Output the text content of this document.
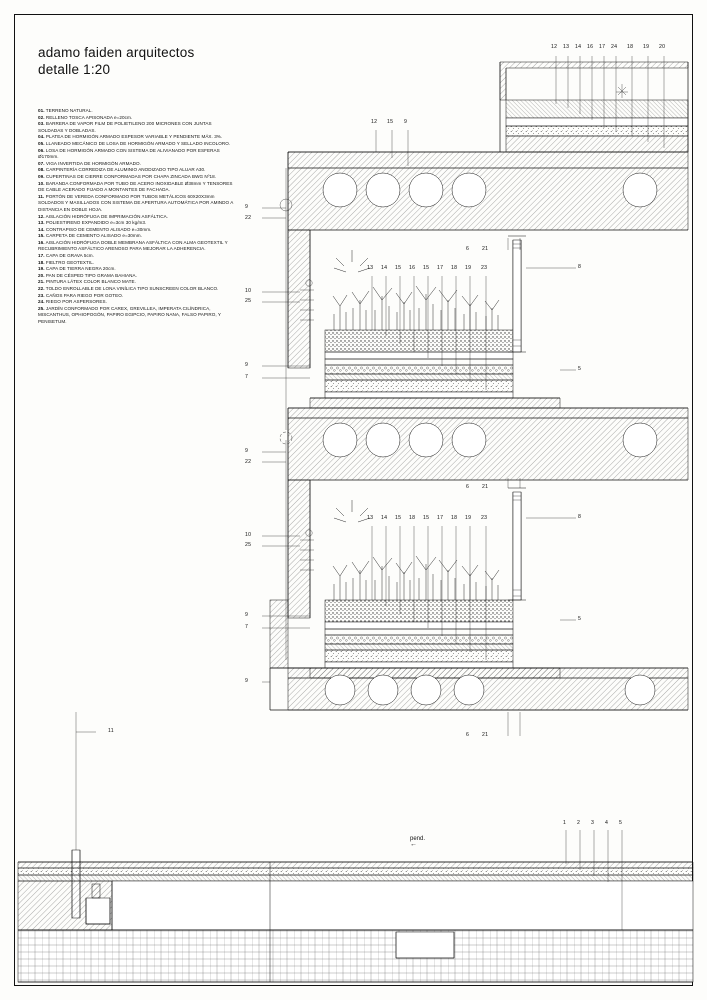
adamo faiden arquitectos
detalle 1:20
01. TERRENO NATURAL.
02. RELLENO TOSCA APISONADA e=20cm.
03. BARRERA DE VAPOR FILM DE POLIETILENO 200 MICRONES CON JUNTAS SOLDADAS Y DOBLADAS.
04. PLATEA DE HORMIGÓN ARMADO ESPESOR VARIABLE Y PENDIENTE MÁX. 3%.
05. LLANEADO MECÁNICO DE LOSA DE HORMIGÓN ARMADO Y SELLADO INCOLORO.
06. LOSA DE HORMIGÓN ARMADO CON SISTEMA DE ALIVIANADO POR ESFERAS Ø170mm.
07. VIGA INVERTIDA DE HORMIGÓN ARMADO.
08. CARPINTERÍA CORREDIZA DE ALUMINIO ANODIZADO TIPO ALUAR A30.
09. CUPERTINAS DE CIERRE CONFORMADAS POR CHAPA ZINCADA BWG Nº18.
10. BARANDA CONFORMADA POR TUBO DE ACERO INOXIDABLE Ø38mm Y TENSORES DE CABLE ACERADO FIJADO A MONTANTES DE FACHADA.
11. PORTÓN DE VEREDA CONFORMADO POR TUBOS METÁLICOS 60X20X3mm SOLDADOS Y MASILLADOS CON SISTEMA DE APERTURA AUTOMÁTICA POR AMINDO A DISTANCIA EN DOBLE HOJA.
12. AISLACIÓN HIDRÓFUGA DE IMPRIMACIÓN ASFÁLTICA.
13. POLIESTIRENO EXPANDIDO e=3cm 30 kg/m3.
14. CONTRAPISO DE CEMENTO ALISADO e=30mm.
15. CARPETA DE CEMENTO ALISADO e=30mm.
16. AISLACIÓN HIDRÓFUGA DOBLE MEMBRANA ASFÁLTICA CON ALMA GEOTEXTIL Y RECUBRIMIENTO ASFÁLTICO ARENOSO PARA MEJORAR LA ADHERENCIA.
17. CAPA DE GRAVA 5cm.
18. FIELTRO GEOTEXTIL.
19. CAPA DE TIERRA NEGRA 20cm.
20. PAN DE CÉSPED TIPO GRAMA BAHIANA.
21. PINTURA LÁTEX COLOR BLANCO MATE.
22. TOLDO ENROLLABLE DE LONA VINÍLICA TIPO SUNSCREEN COLOR BLANCO.
23. CAÑOS PARA RIEGO POR GOTEO.
24. RIEGO POR ASPERSORES.
25. JARDÍN CONFORMADO POR CAREX, GREVILLEA, IMPERATA CILÍNDRICA, MISCANTHUS, OPHIOPOGÓN, PAPIRO EGIPCIO, PAPIRO NANA, FALSO PAPIRO, Y PENISETUM.
12 13 14 16 17 24 18 19 20
12 15 9
13 14 15 16 15 17 18 19 23
13 14 15 18 15 17 18 19 23
1 2 3 4 5
9
22
10
25
9
7
9
22
10
25
9
7
9
11
8
5
8
5
6 21
6 21
6 21
pend.
←
